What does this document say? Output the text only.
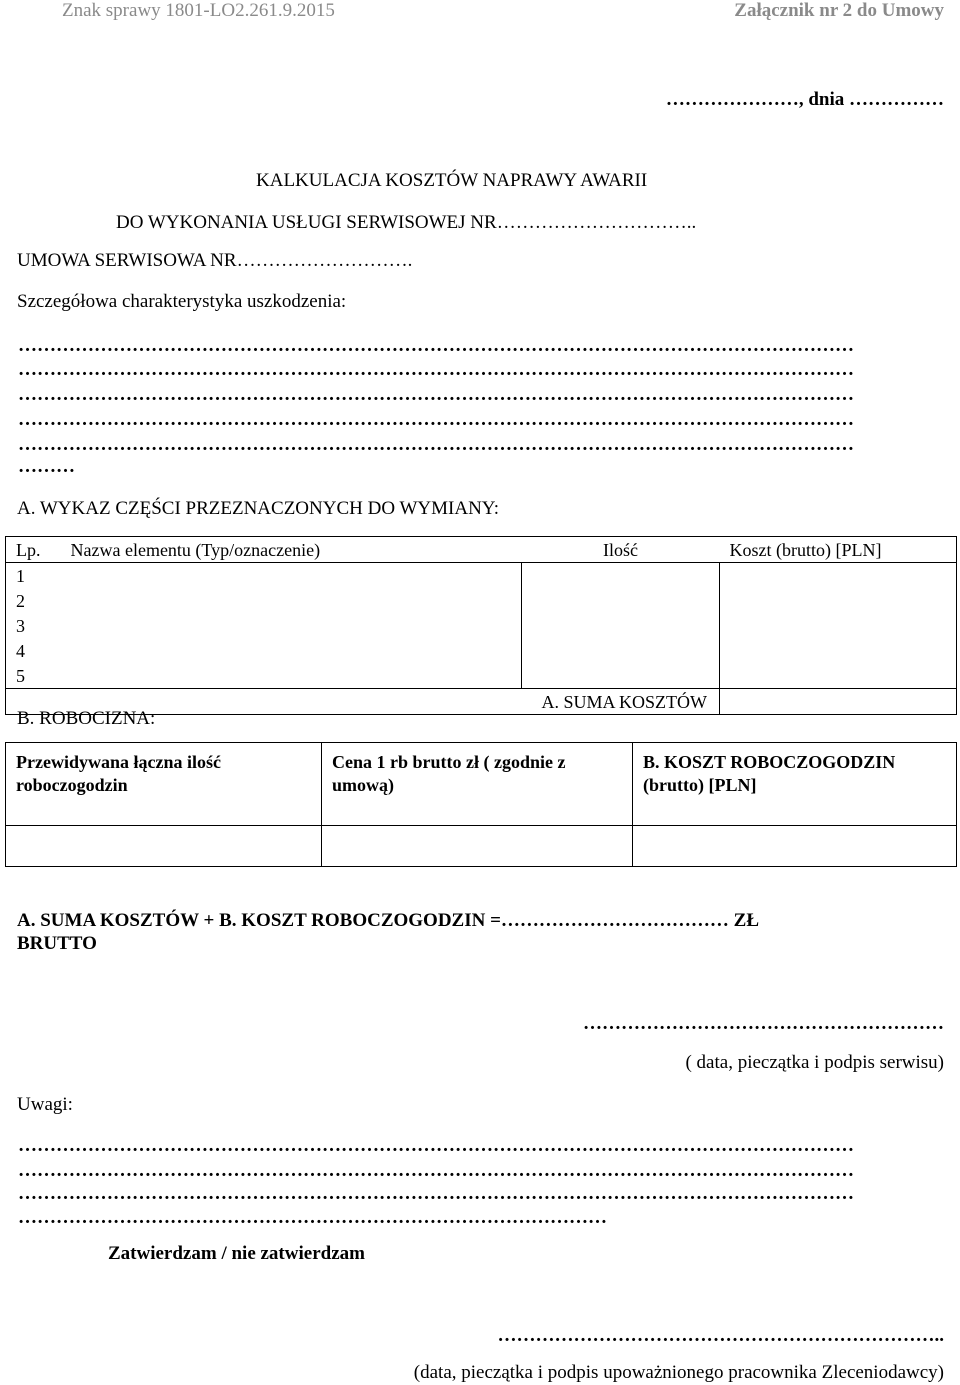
Znak sprawy 1801-LO2.261.9.2015	Załącznik nr 2 do Umowy
…………………, dnia ……………
KALKULACJA KOSZTÓW NAPRAWY AWARII
DO WYKONANIA USŁUGI SERWISOWEJ NR…………………………..
UMOWA SERWISOWA NR……………………….
Szczegółowa charakterystyka uszkodzenia:
……………………………………………………………………………………………………………………
……………………………………………………………………………………………………………………
……………………………………………………………………………………………………………………
……………………………………………………………………………………………………………………
……………………………………………………………………………………………………………………
………
A. WYKAZ CZĘŚCI PRZEZNACZONYCH DO WYMIANY:
Lp.	Nazwa elementu (Typ/oznaczenie)	Ilość	Koszt (brutto) [PLN]
1			
2			
3			
4			
5			
A. SUMA KOSZTÓW			
B. ROBOCIZNA:
Przewidywana łączna ilość roboczogodzin	Cena 1 rb brutto zł ( zgodnie z umową)	B. KOSZT ROBOCZOGODZIN (brutto) [PLN]

A. SUMA KOSZTÓW + B. KOSZT ROBOCZOGODZIN =……………………………… ZŁ
BRUTTO
…………………………………………………
( data, pieczątka i podpis serwisu)
Uwagi:
……………………………………………………………………………………………………………………
……………………………………………………………………………………………………………………
……………………………………………………………………………………………………………………
…………………………………………………………………………………
Zatwierdzam / nie zatwierdzam
……………………………………………………………..
(data, pieczątka i podpis upoważnionego pracownika Zleceniodawcy)
